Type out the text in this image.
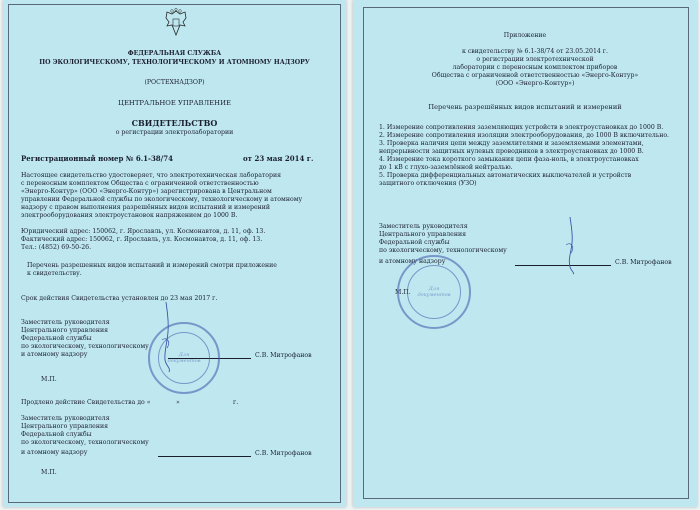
ФЕДЕРАЛЬНАЯ СЛУЖБА
ПО ЭКОЛОГИЧЕСКОМУ, ТЕХНОЛОГИЧЕСКОМУ И АТОМНОМУ НАДЗОРУ
(РОСТЕХНАДЗОР)
ЦЕНТРАЛЬНОЕ УПРАВЛЕНИЕ
СВИДЕТЕЛЬСТВО
о регистрации электролаборатории
Регистрационный номер № 6.1-38/74	от 23 мая 2014 г.
Настоящее свидетельство удостоверяет, что электротехническая лаборатория
с переносным комплектом Общества с ограниченной ответственностью
«Энерго-Контур» (ООО «Энерго-Контур») зарегистрирована в Центральном
управлении Федеральной службы по экологическому, технологическому и атомному
надзору с правом выполнения разрешённых видов испытаний и измерений
электрооборудования электроустановок напряжением до 1000 В.
Юридический адрес: 150062, г. Ярославль, ул. Космонавтов, д. 11, оф. 13.
Фактический адрес: 150062, г. Ярославль, ул. Космонавтов, д. 11, оф. 13.
Тел.: (4852) 69-50-26.
Перечень разрешенных видов испытаний и измерений смотри приложение
к свидетельству.
Срок действия Свидетельства установлен до 23 мая 2017 г.
Заместитель руководителя
Центрального управления
Федеральной службы
по экологическому, технологическому
и атомному надзору	С.В. Митрофанов
М.П.
Для документов
Продлено действие Свидетельства до «	»	г.
Заместитель руководителя
Центрального управления
Федеральной службы
по экологическому, технологическому
и атомному надзору	С.В. Митрофанов
М.П.
Приложение
к свидетельству № 6.1-38/74 от 23.05.2014 г.
о регистрации электротехнической
лаборатории с переносным комплектом приборов
Общества с ограниченной ответственностью «Энерго-Контур»
(ООО «Энерго-Контур»)
Перечень разрешённых видов испытаний и измерений
1. Измерение сопротивления заземляющих устройств в электроустановках до 1000 В.
2. Измерение сопротивления изоляции электрооборудования, до 1000 В включительно.
3. Проверка наличия цепи между заземлителями и заземляемыми элементами,
непрерывности защитных нулевых проводников в электроустановках до 1000 В.
4. Измерение тока короткого замыкания цепи фаза-ноль, в электроустановках
до 1 кВ с глухо-заземлённой нейтралью.
5. Проверка дифференциальных автоматических выключателей и устройств
защитного отключения (УЗО)
Заместитель руководителя
Центрального управления
Федеральной службы
по экологическому, технологическому
и атомному надзору	С.В. Митрофанов
М.П.	Для документов
